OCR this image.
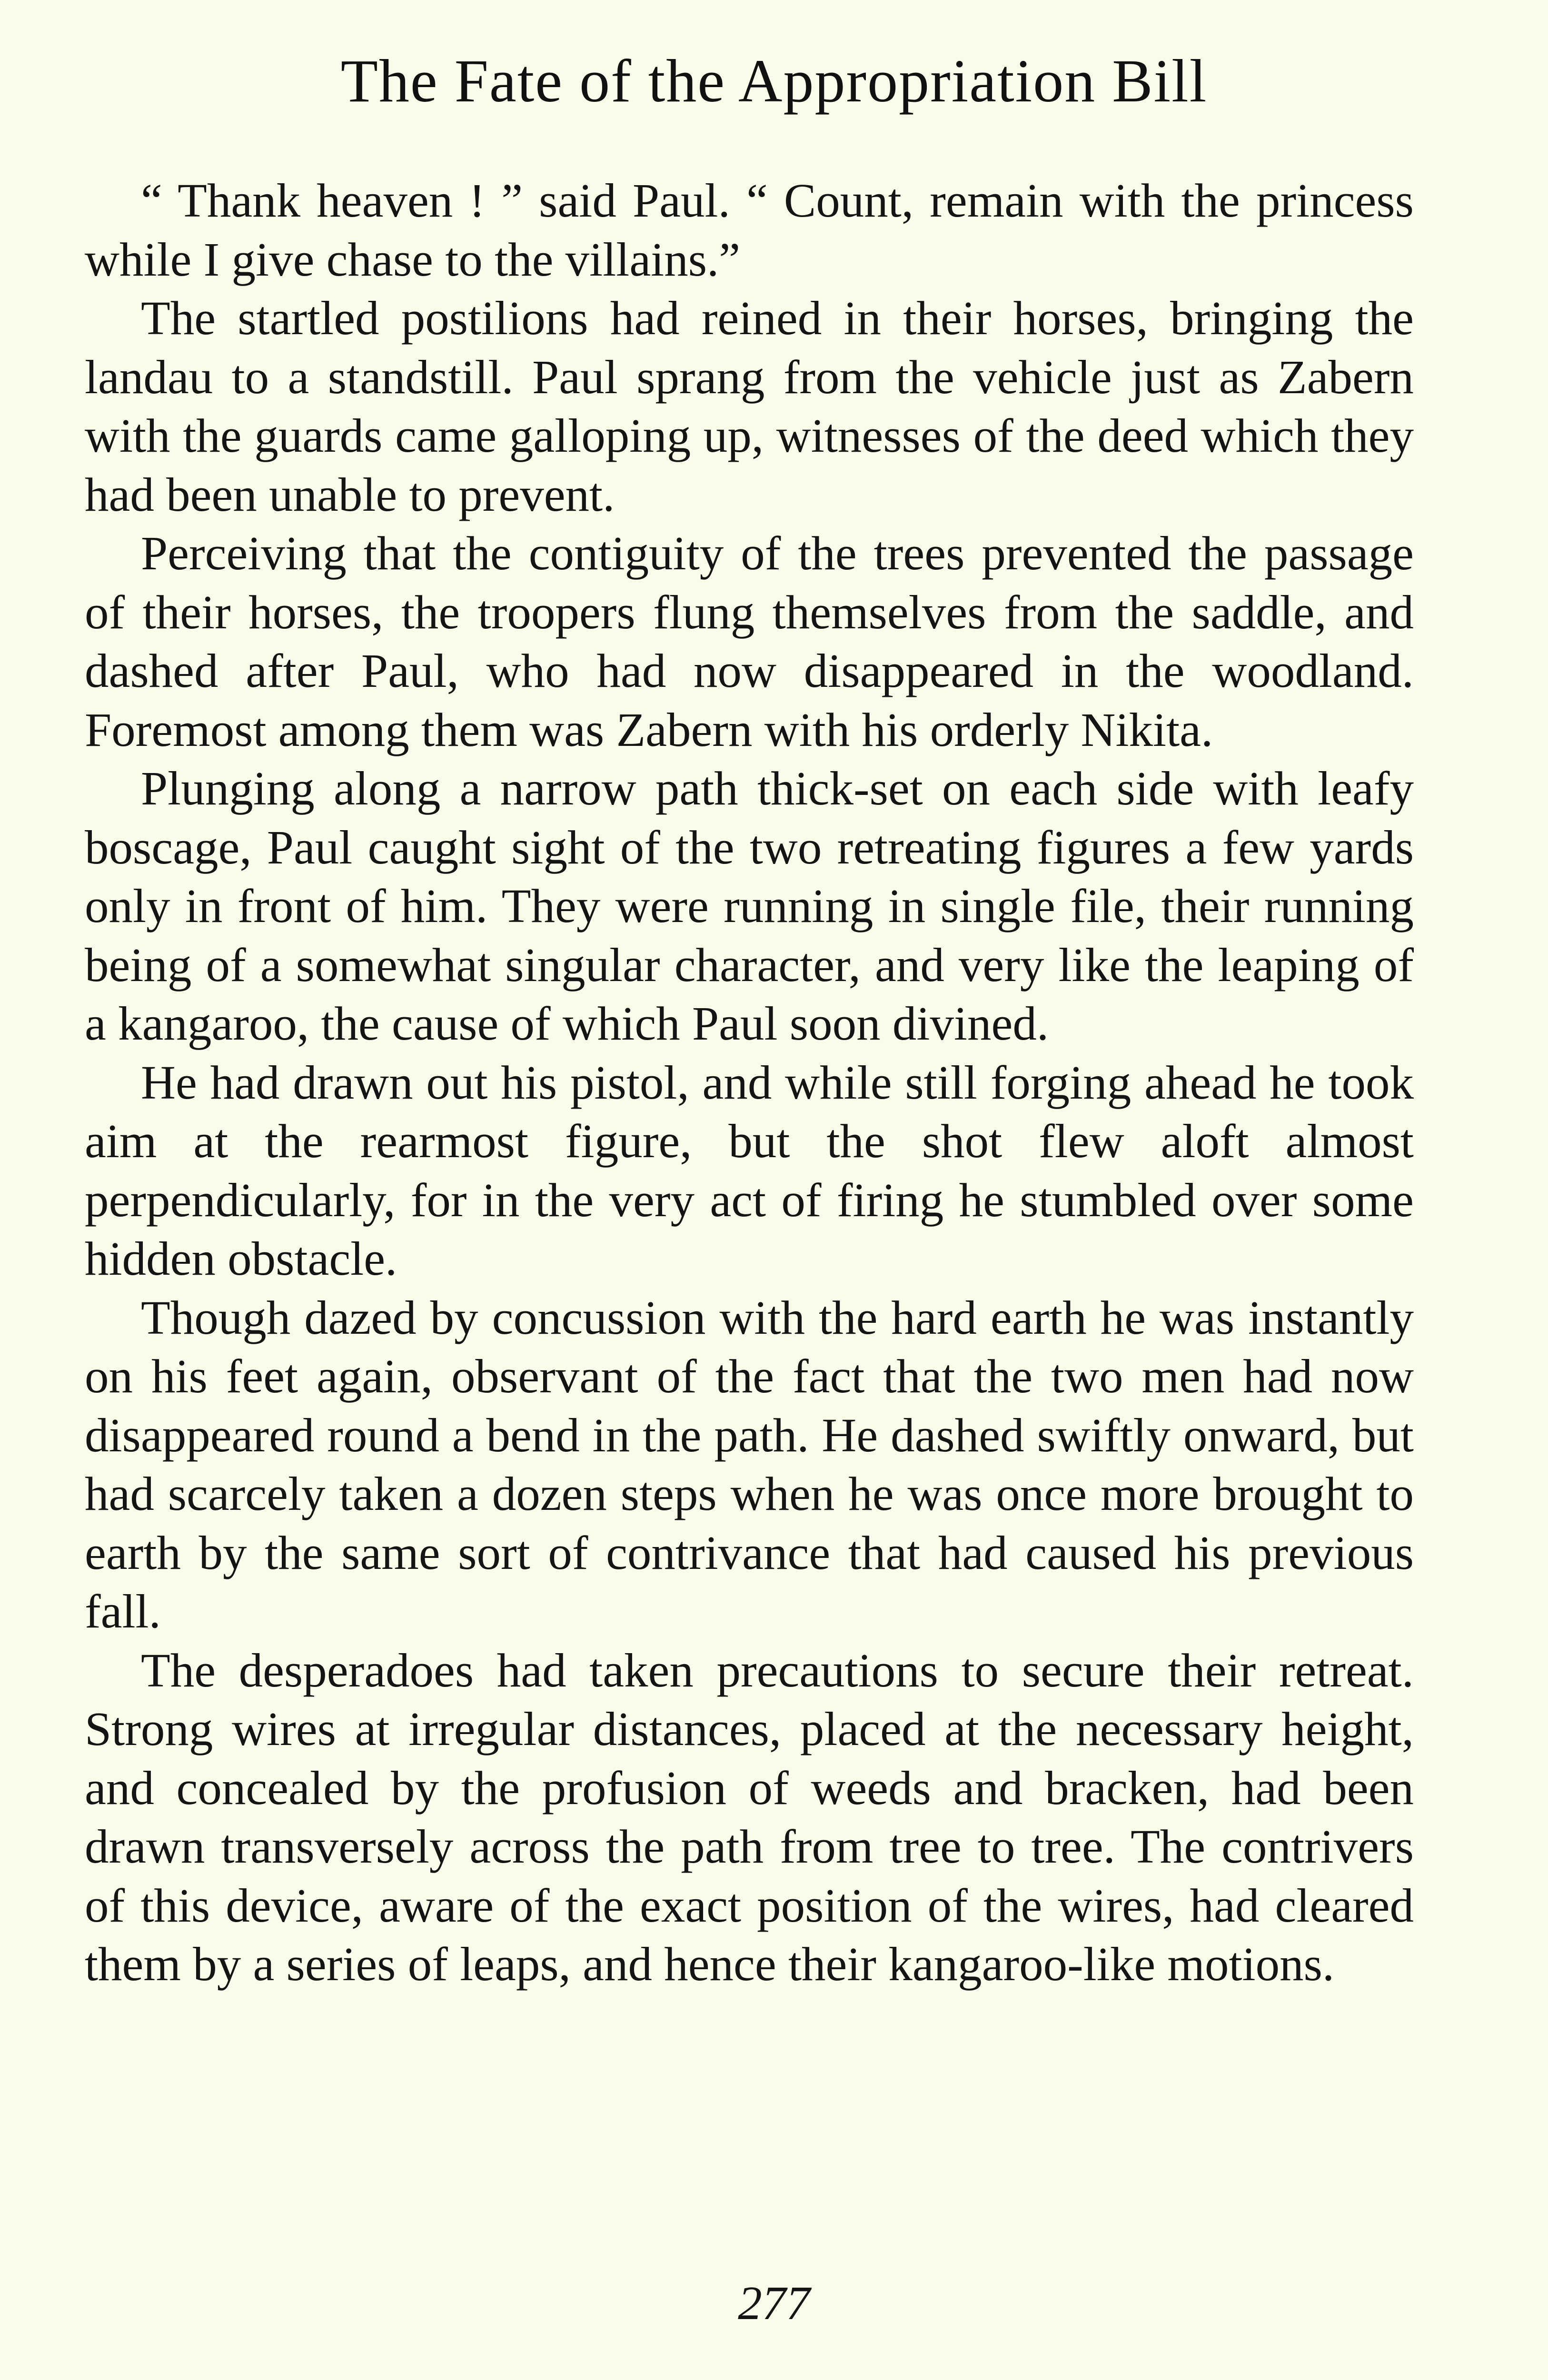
The Fate of the Appropriation Bill

“ Thank heaven ! ” said Paul. “ Count, remain with the princess while I give chase to the villains.”

The startled postilions had reined in their horses, bringing the landau to a standstill. Paul sprang from the vehicle just as Zabern with the guards came galloping up, witnesses of the deed which they had been unable to prevent.

Perceiving that the contiguity of the trees prevented the passage of their horses, the troopers flung themselves from the saddle, and dashed after Paul, who had now disappeared in the woodland. Foremost among them was Zabern with his orderly Nikita.

Plunging along a narrow path thick-set on each side with leafy boscage, Paul caught sight of the two retreating figures a few yards only in front of him. They were running in single file, their running being of a somewhat singular character, and very like the leaping of a kangaroo, the cause of which Paul soon divined.

He had drawn out his pistol, and while still forging ahead he took aim at the rearmost figure, but the shot flew aloft almost perpendicularly, for in the very act of firing he stumbled over some hidden obstacle.

Though dazed by concussion with the hard earth he was instantly on his feet again, observant of the fact that the two men had now disappeared round a bend in the path. He dashed swiftly onward, but had scarcely taken a dozen steps when he was once more brought to earth by the same sort of contrivance that had caused his previous fall.

The desperadoes had taken precautions to secure their retreat. Strong wires at irregular distances, placed at the necessary height, and concealed by the profusion of weeds and bracken, had been drawn transversely across the path from tree to tree. The contrivers of this device, aware of the exact position of the wires, had cleared them by a series of leaps, and hence their kangaroo-like motions.

277
